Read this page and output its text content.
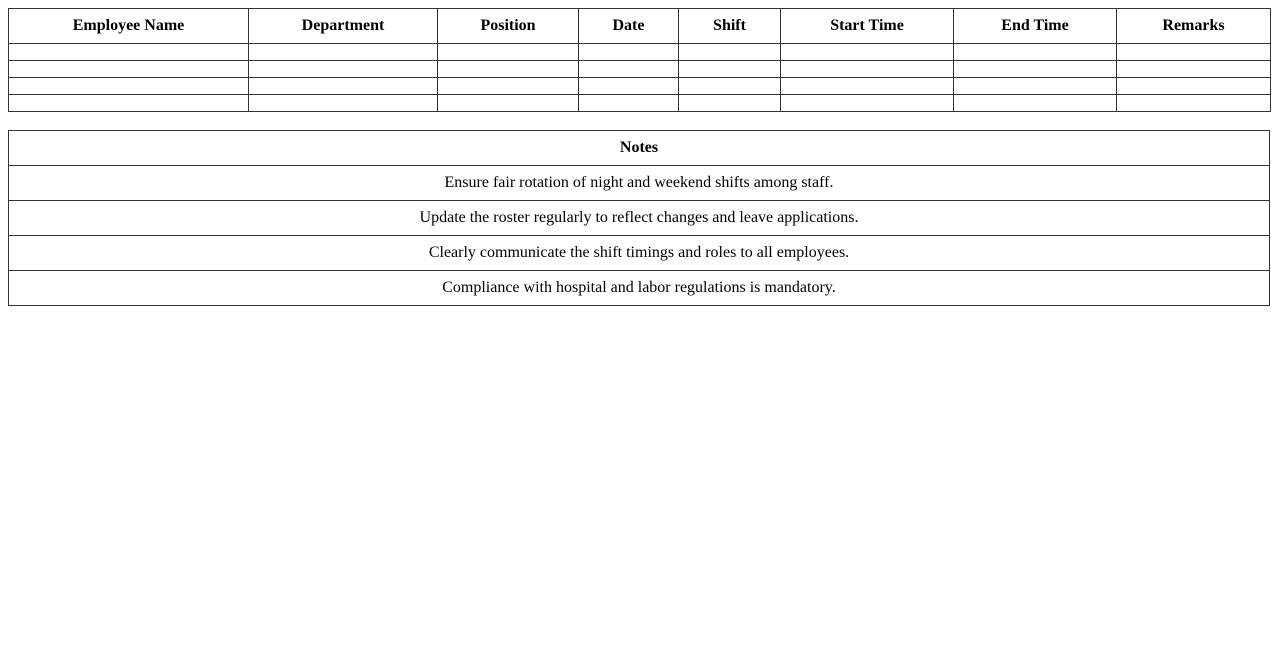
Employee Name	Department	Position	Date	Shift	Start Time	End Time	Remarks

Notes
Ensure fair rotation of night and weekend shifts among staff.
Update the roster regularly to reflect changes and leave applications.
Clearly communicate the shift timings and roles to all employees.
Compliance with hospital and labor regulations is mandatory.
